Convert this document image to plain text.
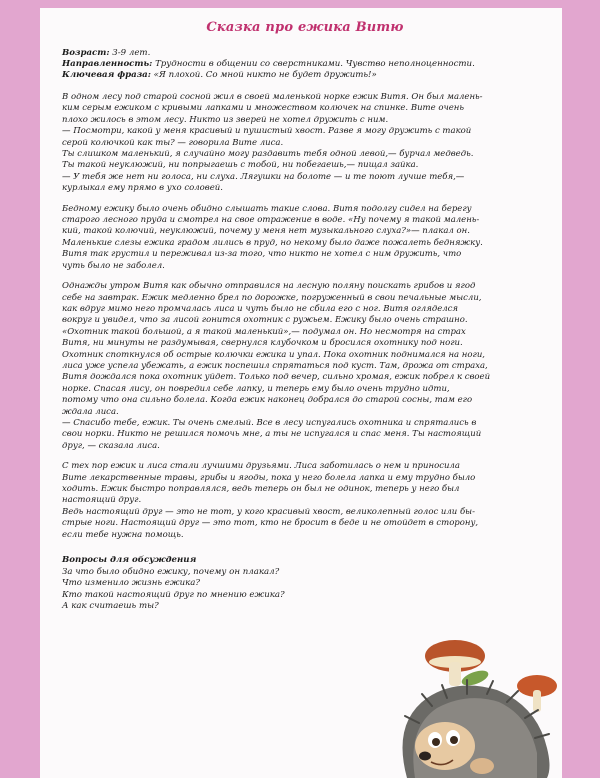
Сказка про ежика Витю

Возраст: 3-9 лет.

Направленность: Трудности в общении со сверстниками. Чувство неполноценности.

Ключевая фраза: «Я плохой. Со мной никто не будет дружить!»

В одном лесу под старой сосной жил в своей маленькой норке ежик Витя. Он был малень-
ким серым ежиком с кривыми лапками и множеством колючек на спинке. Вите очень
плохо жилось в этом лесу. Никто из зверей не хотел дружить с ним.
— Посмотри, какой у меня красивый и пушистый хвост. Разве я могу дружить с такой
серой колючкой как ты? — говорила Вите лиса.
Ты слишком маленький, я случайно могу раздавить тебя одной левой,— бурчал медведь.
Ты такой неуклюжий, ни попрыгаешь с тобой, ни побегаешь,— пищал зайка.
— У тебя же нет ни голоса, ни слуха. Лягушки на болоте — и те поют лучше тебя,—
курлыкал ему прямо в ухо соловей.

Бедному ежику было очень обидно слышать такие слова. Витя подолгу сидел на берегу
старого лесного пруда и смотрел на свое отражение в воде. «Ну почему я такой малень-
кий, такой колючий, неуклюжий, почему у меня нет музыкального слуха?»— плакал он.
Маленькие слезы ежика градом лились в пруд, но некому было даже пожалеть бедняжку.
Витя так грустил и переживал из-за того, что никто не хотел с ним дружить, что
чуть было не заболел.

Однажды утром Витя как обычно отправился на лесную поляну поискать грибов и ягод
себе на завтрак. Ежик медленно брел по дорожке, погруженный в свои печальные мысли,
как вдруг мимо него промчалась лиса и чуть было не сбила его с ног. Витя огляделся
вокруг и увидел, что за лисой гонится охотник с ружьем. Ежику было очень страшно.
«Охотник такой большой, а я такой маленький»,— подумал он. Но несмотря на страх
Витя, ни минуты не раздумывая, свернулся клубочком и бросился охотнику под ноги.
Охотник споткнулся об острые колючки ежика и упал. Пока охотник поднимался на ноги,
лиса уже успела убежать, а ежик поспешил спрятаться под куст. Там, дрожа от страха,
Витя дождался пока охотник уйдет. Только под вечер, сильно хромая, ежик побрел к своей
норке. Спасая лису, он повредил себе лапку, и теперь ему было очень трудно идти,
потому что она сильно болела. Когда ежик наконец добрался до старой сосны, там его
ждала лиса.
— Спасибо тебе, ежик. Ты очень смелый. Все в лесу испугались охотника и спрятались в
свои норки. Никто не решился помочь мне, а ты не испугался и спас меня. Ты настоящий
друг, — сказала лиса.

С тех пор ежик и лиса стали лучшими друзьями. Лиса заботилась о нем и приносила
Вите лекарственные травы, грибы и ягоды, пока у него болела лапка и ему трудно было
ходить. Ежик быстро поправлялся, ведь теперь он был не одинок, теперь у него был
настоящий друг.
Ведь настоящий друг — это не тот, у кого красивый хвост, великолепный голос или бы-
стрые ноги. Настоящий друг — это тот, кто не бросит в беде и не отойдет в сторону,
если тебе нужна помощь.

Вопросы для обсуждения
За что было обидно ежику, почему он плакал?
Что изменило жизнь ежика?
Кто такой настоящий друг по мнению ежика?
А как считаешь ты?
